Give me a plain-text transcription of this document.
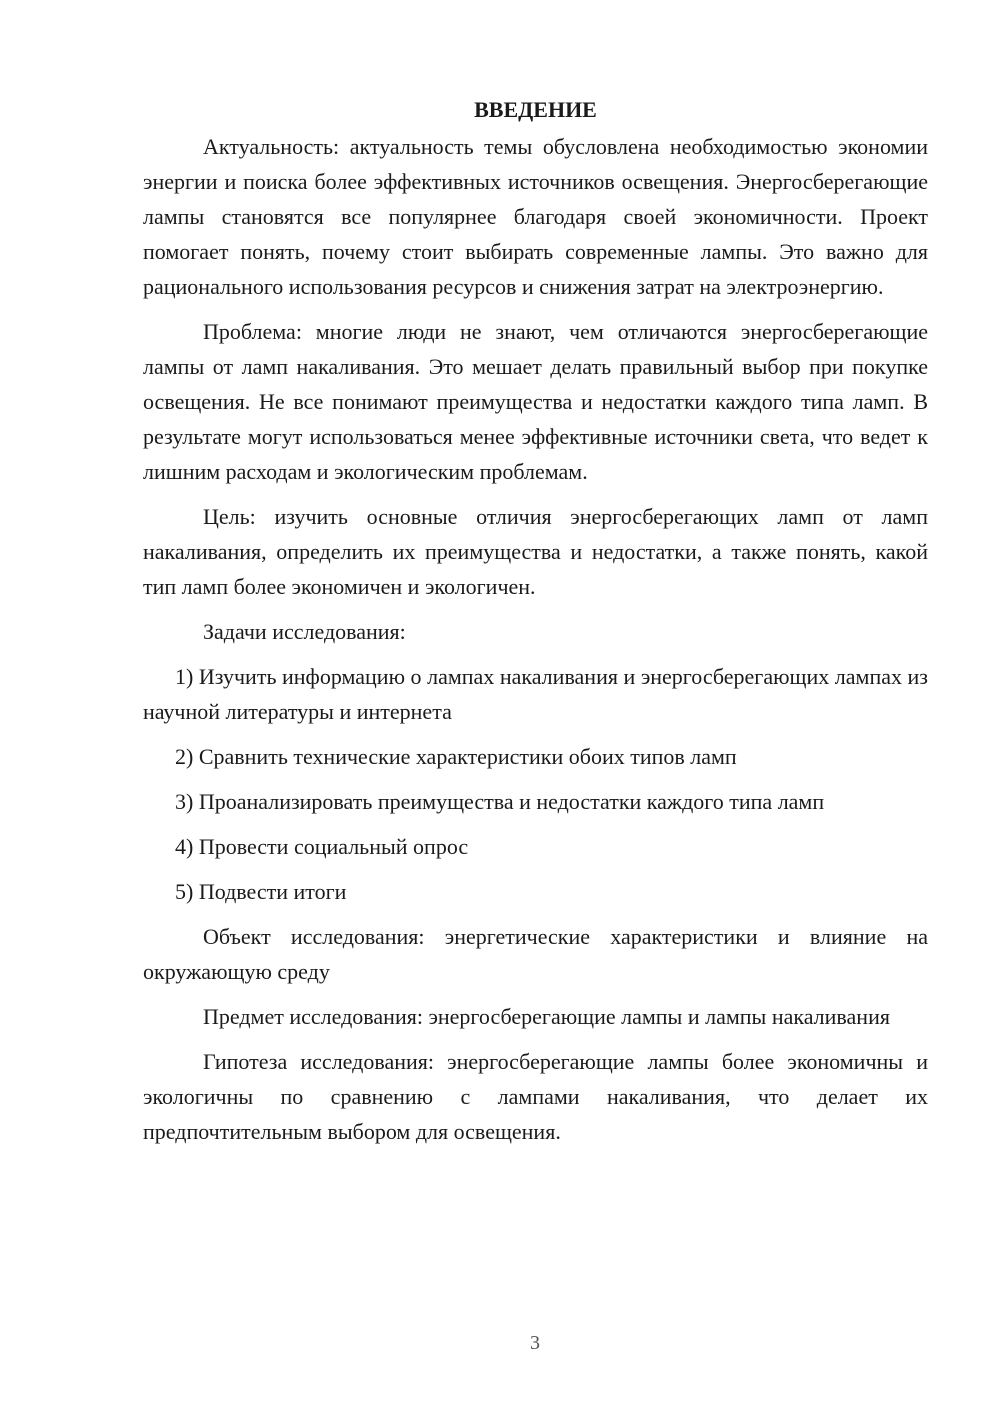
ВВЕДЕНИЕ

Актуальность: актуальность темы обусловлена необходимостью экономии энергии и поиска более эффективных источников освещения. Энергосберегающие лампы становятся все популярнее благодаря своей экономичности. Проект помогает понять, почему стоит выбирать современные лампы. Это важно для рационального использования ресурсов и снижения затрат на электроэнергию.

Проблема: многие люди не знают, чем отличаются энергосберегающие лампы от ламп накаливания. Это мешает делать правильный выбор при покупке освещения. Не все понимают преимущества и недостатки каждого типа ламп. В результате могут использоваться менее эффективные источники света, что ведет к лишним расходам и экологическим проблемам.

Цель: изучить основные отличия энергосберегающих ламп от ламп накаливания, определить их преимущества и недостатки, а также понять, какой тип ламп более экономичен и экологичен.

Задачи исследования:

1) Изучить информацию о лампах накаливания и энергосберегающих лампах из научной литературы и интернета
2) Сравнить технические характеристики обоих типов ламп
3) Проанализировать преимущества и недостатки каждого типа ламп
4) Провести социальный опрос
5) Подвести итоги

Объект исследования: энергетические характеристики и влияние на окружающую среду

Предмет исследования: энергосберегающие лампы и лампы накаливания

Гипотеза исследования: энергосберегающие лампы более экономичны и экологичны по сравнению с лампами накаливания, что делает их предпочтительным выбором для освещения.

3
